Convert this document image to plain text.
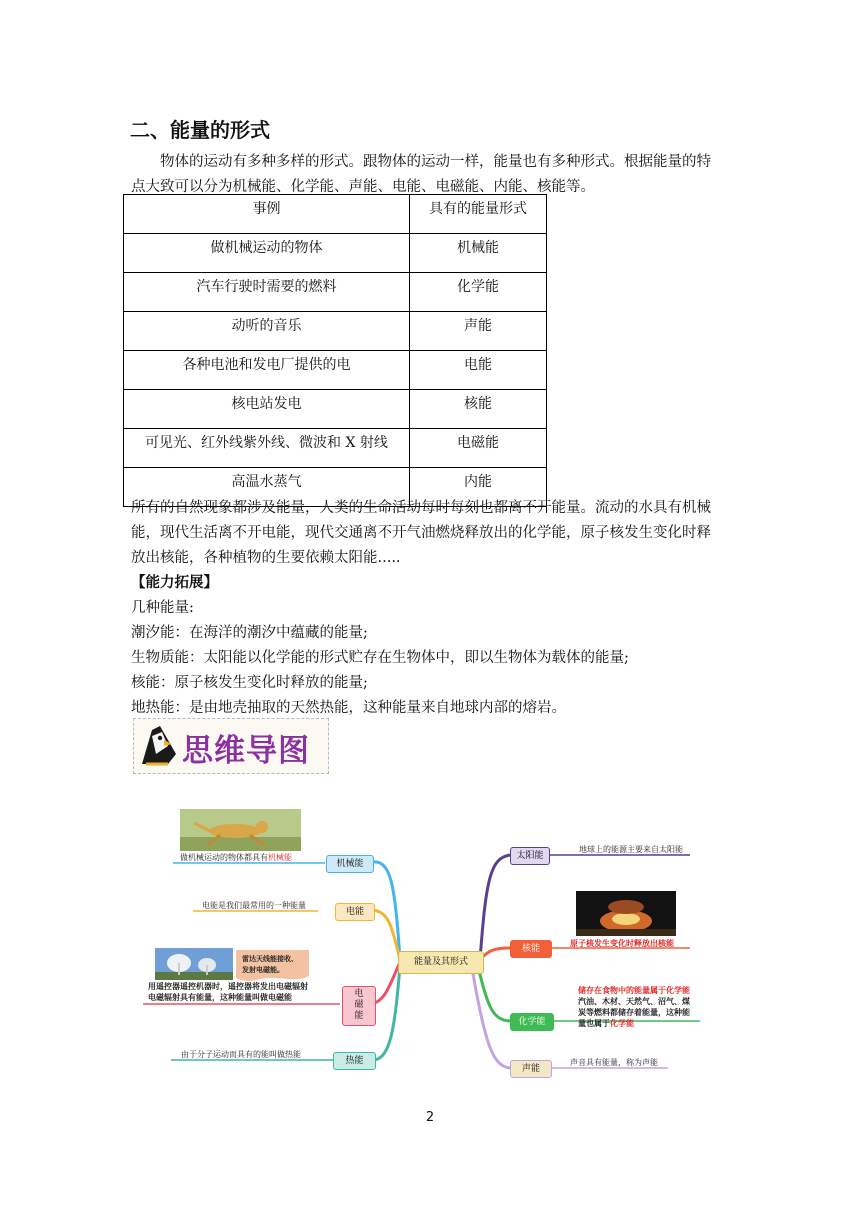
二、能量的形式
物体的运动有多种多样的形式。跟物体的运动一样，能量也有多种形式。根据能量的特
点大致可以分为机械能、化学能、声能、电能、电磁能、内能、核能等。
事例	具有的能量形式
做机械运动的物体	机械能
汽车行驶时需要的燃料	化学能
动听的音乐	声能
各种电池和发电厂提供的电	电能
核电站发电	核能
可见光、红外线紫外线、微波和 X 射线	电磁能
高温水蒸气	内能
所有的自然现象都涉及能量，人类的生命活动每时每刻也都离不开能量。流动的水具有机械
能，现代生活离不开电能，现代交通离不开气油燃烧释放出的化学能，原子核发生变化时释
放出核能，各种植物的生要依赖太阳能.....
【能力拓展】
几种能量:
潮汐能：在海洋的潮汐中蕴藏的能量;
生物质能：太阳能以化学能的形式贮存在生物体中，即以生物体为载体的能量;
核能：原子核发生变化时释放的能量;
地热能：是由地壳抽取的天然热能，这种能量来自地球内部的熔岩。
思维导图
能量及其形式
机械能
电能
电
磁
能
热能
太阳能
核能
化学能
声能
做机械运动的物体都具有机械能
电能是我们最常用的一种能量
雷达天线能接收、
发射电磁能。
用遥控器遥控机器时，遥控器将发出电磁辐射
电磁辐射具有能量，这种能量叫做电磁能
由于分子运动而具有的能叫做热能
地球上的能源主要来自太阳能
原子核发生变化时释放出核能
储存在食物中的能量属于化学能
汽油、木材、天然气、沼气、煤
炭等燃料都储存着能量，这种能
量也属于化学能
声音具有能量，称为声能
2
